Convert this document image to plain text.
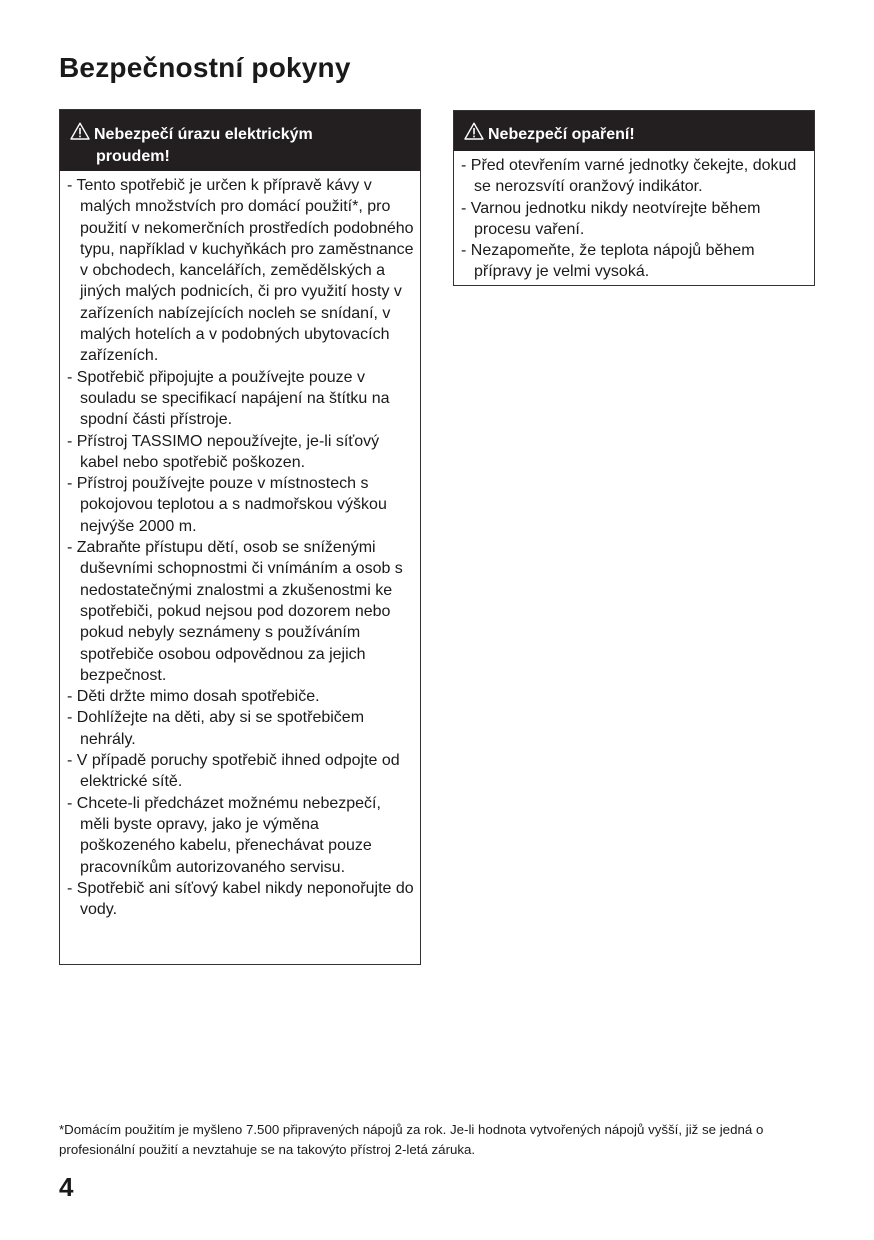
Bezpečnostní pokyny
Nebezpečí úrazu elektrickým
proudem!
- Tento spotřebič je určen k přípravě kávy v malých množstvích pro domácí použití*, pro použití v nekomerčních prostředích podobného typu, například v kuchyňkách pro zaměstnance v obchodech, kancelářích, zemědělských a jiných malých podnicích, či pro využití hosty v zařízeních nabízejících nocleh se snídaní, v malých hotelích a v podobných ubytovacích zařízeních.
- Spotřebič připojujte a používejte pouze v souladu se specifikací napájení na štítku na spodní části přístroje.
- Přístroj TASSIMO nepoužívejte, je-li síťový kabel nebo spotřebič poškozen.
- Přístroj používejte pouze v místnostech s pokojovou teplotou a s nadmořskou výškou nejvýše 2000 m.
- Zabraňte přístupu dětí, osob se sníženými duševními schopnostmi či vnímáním a osob s nedostatečnými znalostmi a zkušenostmi ke spotřebiči, pokud nejsou pod dozorem nebo pokud nebyly seznámeny s používáním spotřebiče osobou odpovědnou za jejich bezpečnost.
- Děti držte mimo dosah spotřebiče.
- Dohlížejte na děti, aby si se spotřebičem nehrály.
- V případě poruchy spotřebič ihned odpojte od elektrické sítě.
- Chcete-li předcházet možnému nebezpečí, měli byste opravy, jako je výměna poškozeného kabelu, přenechávat pouze pracovníkům autorizovaného servisu.
- Spotřebič ani síťový kabel nikdy neponořujte do vody.
Nebezpečí opaření!
- Před otevřením varné jednotky čekejte, dokud se nerozsvítí oranžový indikátor.
- Varnou jednotku nikdy neotvírejte během procesu vaření.
- Nezapomeňte, že teplota nápojů během přípravy je velmi vysoká.

*Domácím použitím je myšleno 7.500 připravených nápojů za rok. Je-li hodnota vytvořených nápojů vyšší, již se jedná o profesionální použití a nevztahuje se na takovýto přístroj 2-letá záruka.

4
